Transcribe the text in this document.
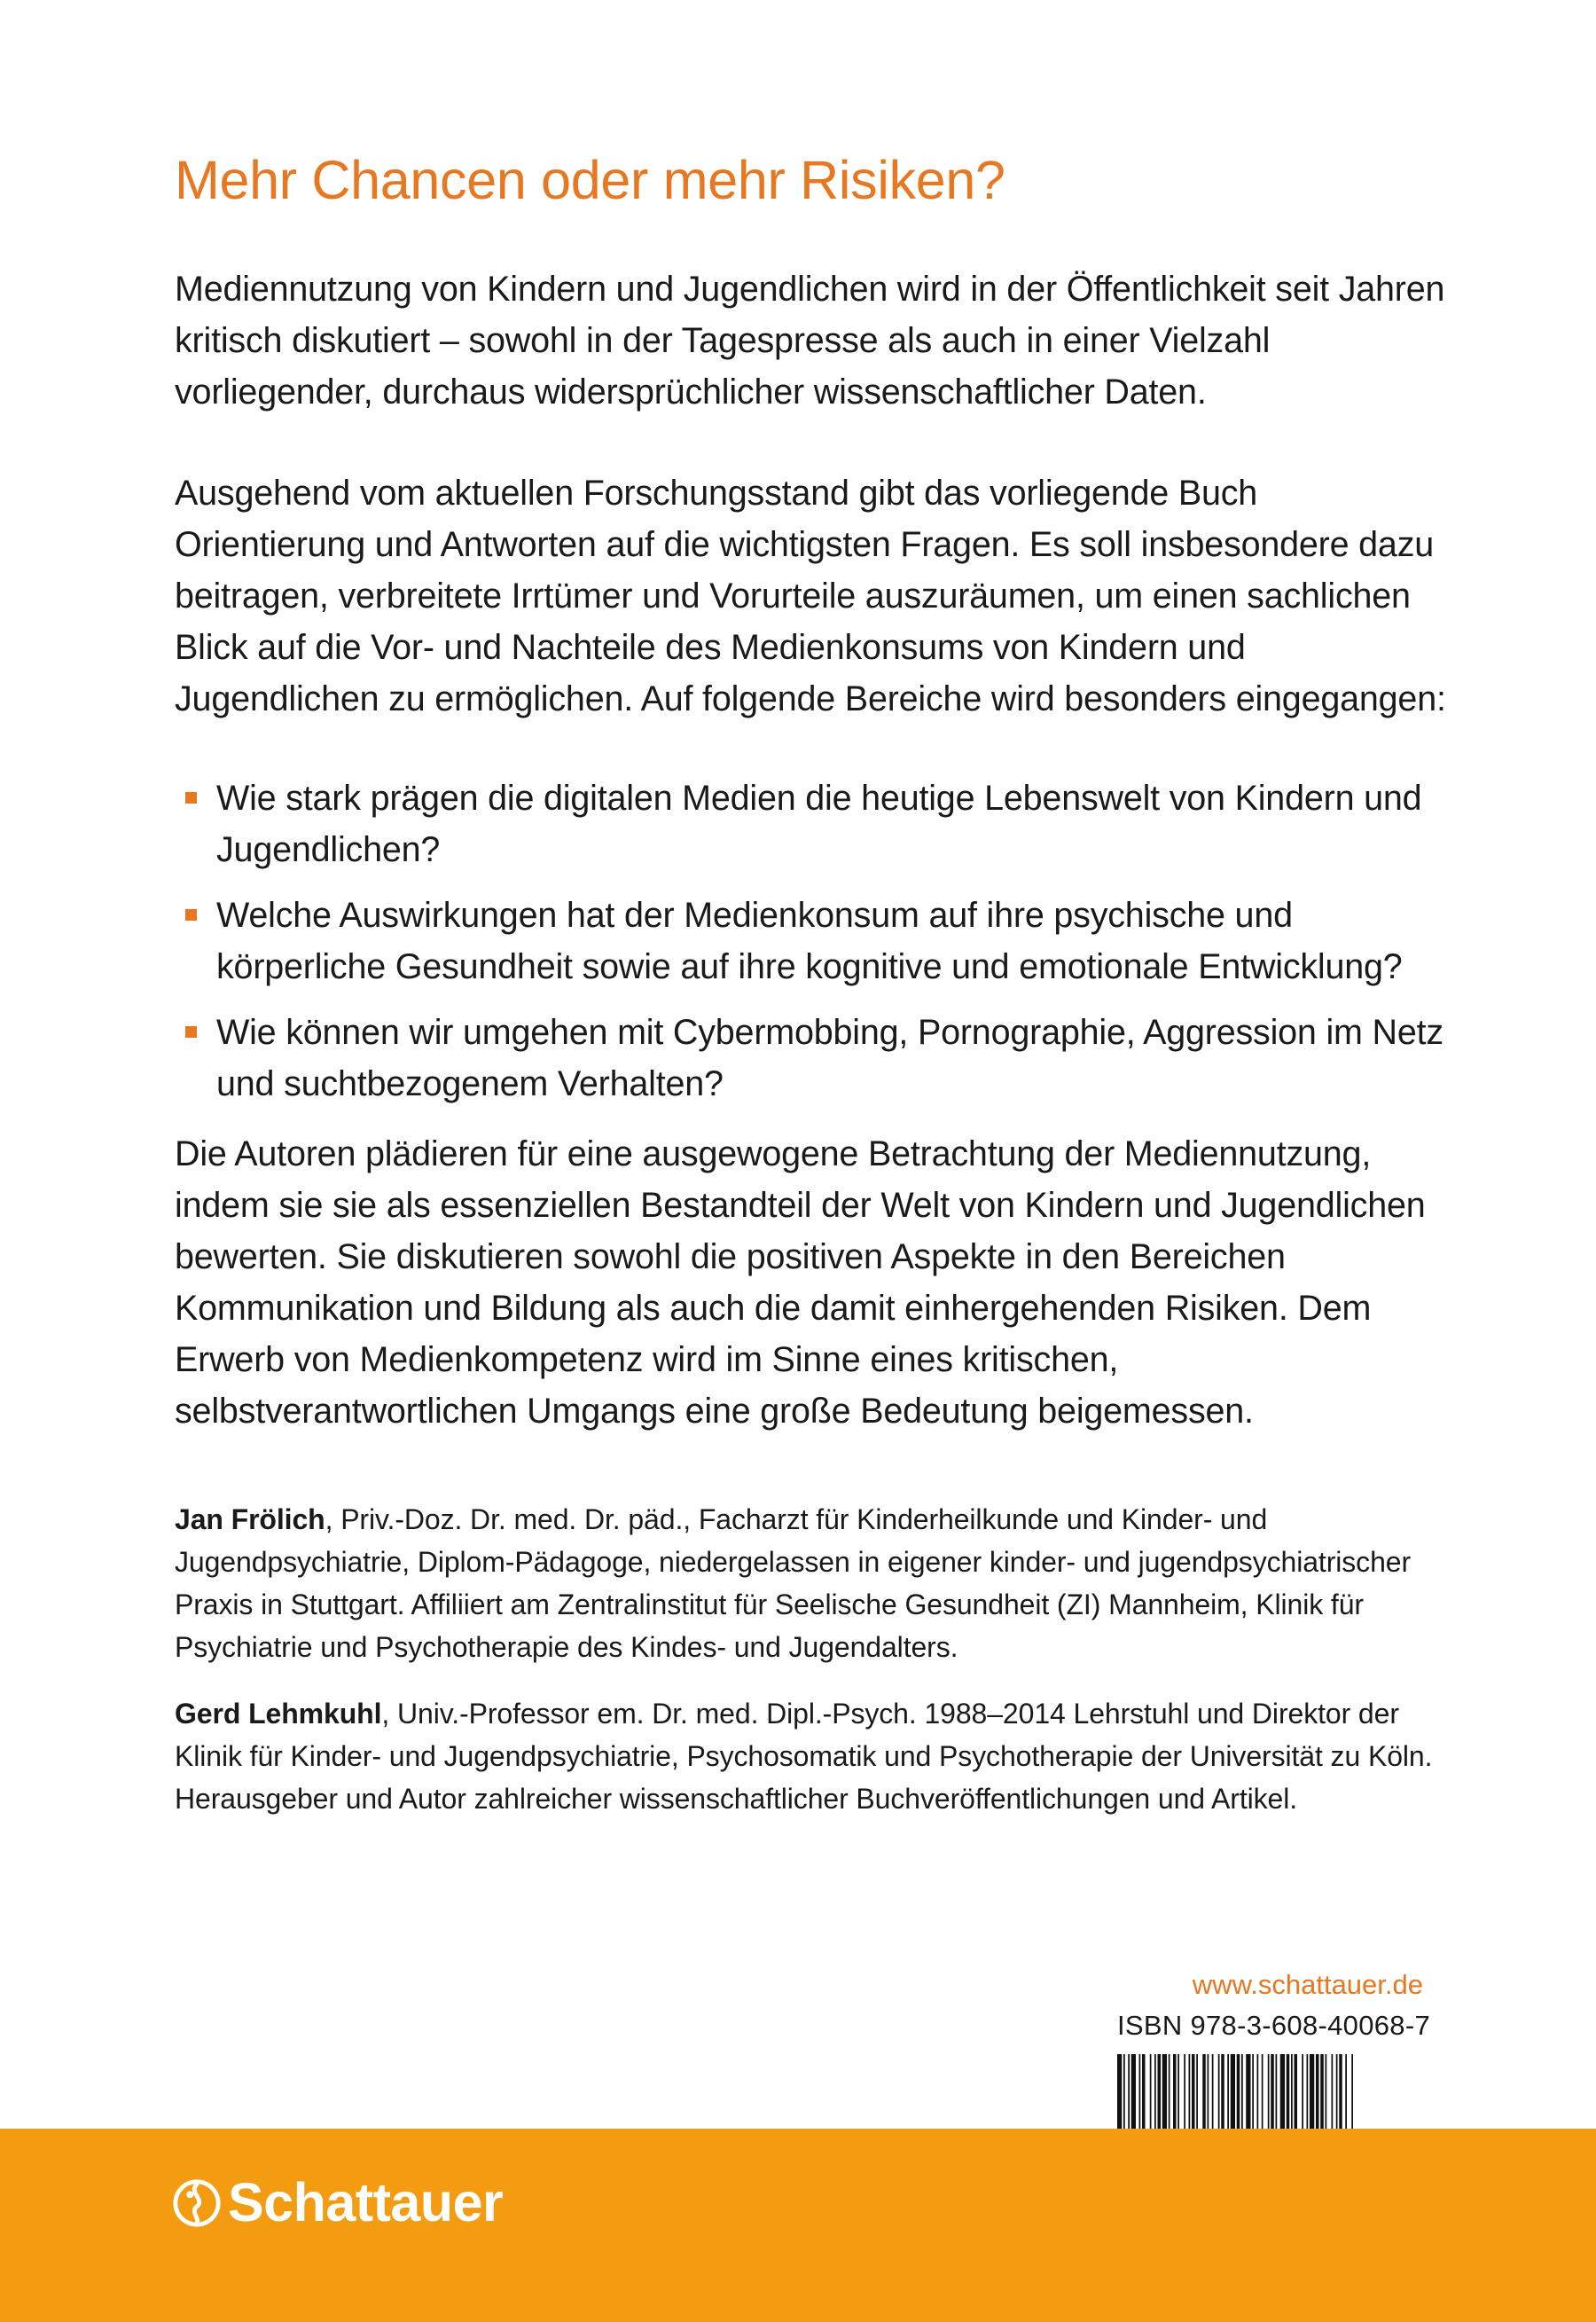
Mehr Chancen oder mehr Risiken?

Mediennutzung von Kindern und Jugendlichen wird in der Öffentlichkeit seit Jahren kritisch diskutiert – sowohl in der Tagespresse als auch in einer Vielzahl vorliegender, durchaus widersprüchlicher wissenschaftlicher Daten.

Ausgehend vom aktuellen Forschungsstand gibt das vorliegende Buch Orientierung und Antworten auf die wichtigsten Fragen. Es soll insbesondere dazu beitragen, verbreitete Irrtümer und Vorurteile auszuräumen, um einen sachlichen Blick auf die Vor- und Nachteile des Medienkonsums von Kindern und Jugendlichen zu ermöglichen. Auf folgende Bereiche wird besonders eingegangen:

Wie stark prägen die digitalen Medien die heutige Lebenswelt von Kindern und Jugendlichen?
Welche Auswirkungen hat der Medienkonsum auf ihre psychische und körperliche Gesundheit sowie auf ihre kognitive und emotionale Entwicklung?
Wie können wir umgehen mit Cybermobbing, Pornographie, Aggression im Netz und suchtbezogenem Verhalten?

Die Autoren plädieren für eine ausgewogene Betrachtung der Mediennutzung, indem sie sie als essenziellen Bestandteil der Welt von Kindern und Jugendlichen bewerten. Sie diskutieren sowohl die positiven Aspekte in den Bereichen Kommunikation und Bildung als auch die damit einhergehenden Risiken. Dem Erwerb von Medienkompetenz wird im Sinne eines kritischen, selbstverantwortlichen Umgangs eine große Bedeutung beigemessen.

Jan Frölich, Priv.-Doz. Dr. med. Dr. päd., Facharzt für Kinderheilkunde und Kinder- und Jugendpsychiatrie, Diplom-Pädagoge, niedergelassen in eigener kinder- und jugendpsychiatrischer Praxis in Stuttgart. Affiliiert am Zentralinstitut für Seelische Gesundheit (ZI) Mannheim, Klinik für Psychiatrie und Psychotherapie des Kindes- und Jugendalters.

Gerd Lehmkuhl, Univ.-Professor em. Dr. med. Dipl.-Psych. 1988–2014 Lehrstuhl und Direktor der Klinik für Kinder- und Jugendpsychiatrie, Psychosomatik und Psychotherapie der Universität zu Köln. Herausgeber und Autor zahlreicher wissenschaftlicher Buchveröffentlichungen und Artikel.

www.schattauer.de
ISBN 978-3-608-40068-7
Schattauer
